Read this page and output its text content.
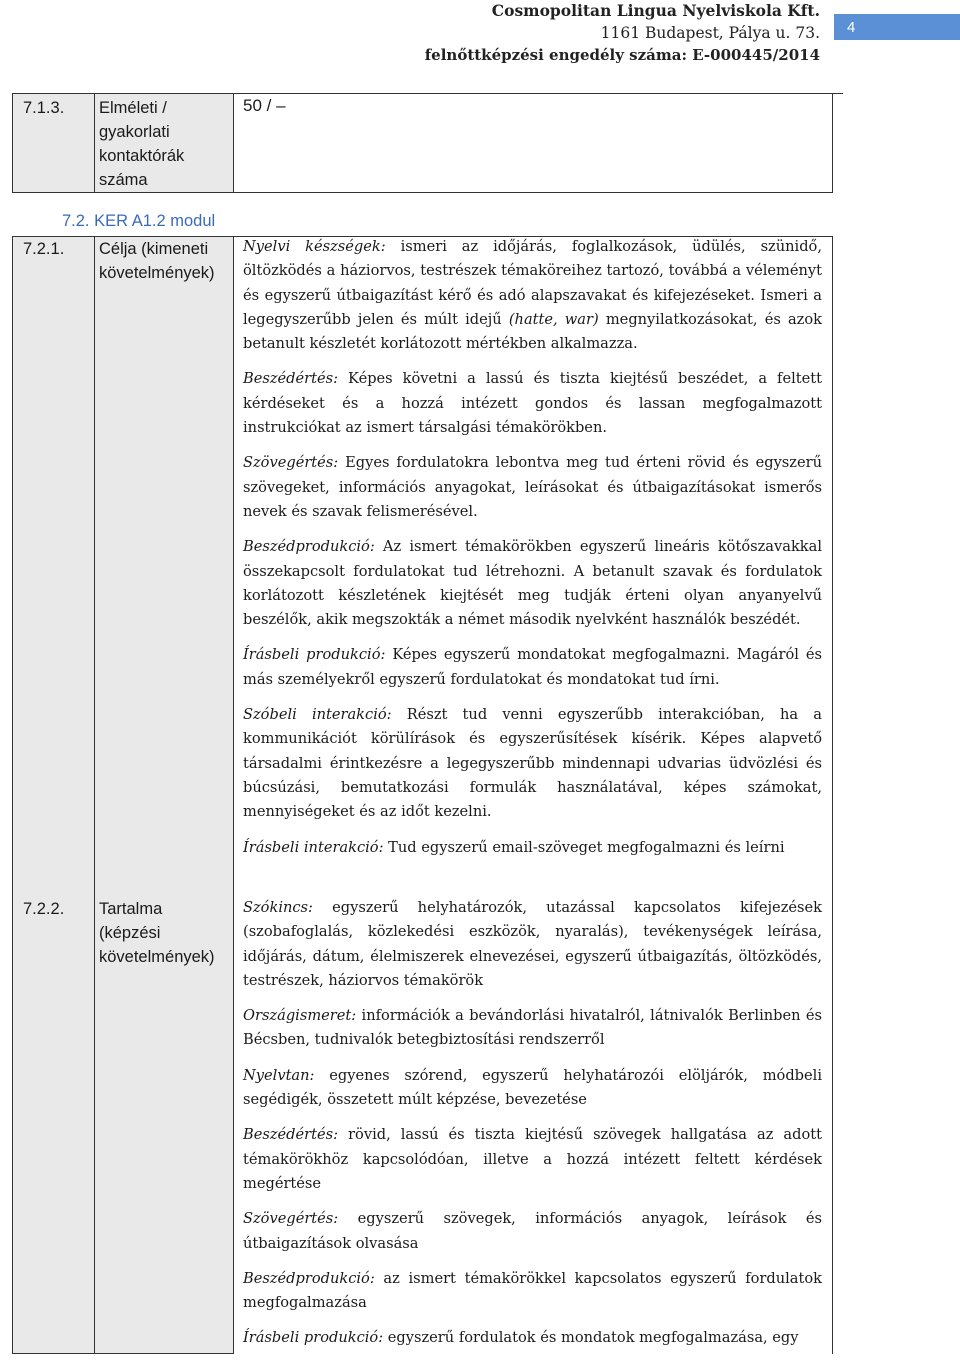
Cosmopolitan Lingua Nyelviskola Kft.
1161 Budapest, Pálya u. 73.
felnőttképzési engedély száma: E-000445/2014
4
7.1.3. Elméleti /
gyakorlati
kontaktórák
száma
50 / –
7.2. KER A1.2 modul
7.2.1. Célja (kimeneti
követelmények)

Nyelvi készségek: ismeri az időjárás, foglalkozások, üdülés, szünidő, öltözködés a háziorvos, testrészek témaköreihez tartozó, továbbá a véleményt és egyszerű útbaigazítást kérő és adó alapszavakat és kifejezéseket. Ismeri a legegyszerűbb jelen és múlt idejű (hatte, war) megnyilatkozásokat, és azok betanult készletét korlátozott mértékben alkalmazza.

Beszédértés: Képes követni a lassú és tiszta kiejtésű beszédet, a feltett kérdéseket és a hozzá intézett gondos és lassan megfogalmazott instrukciókat az ismert társalgási témakörökben.

Szövegértés: Egyes fordulatokra lebontva meg tud érteni rövid és egyszerű szövegeket, információs anyagokat, leírásokat és útbaigazításokat ismerős nevek és szavak felismerésével.

Beszédprodukció: Az ismert témakörökben egyszerű lineáris kötőszavakkal összekapcsolt fordulatokat tud létrehozni. A betanult szavak és fordulatok korlátozott készletének kiejtését meg tudják érteni olyan anyanyelvű beszélők, akik megszokták a német második nyelvként használók beszédét.

Írásbeli produkció: Képes egyszerű mondatokat megfogalmazni. Magáról és más személyekről egyszerű fordulatokat és mondatokat tud írni.

Szóbeli interakció: Részt tud venni egyszerűbb interakcióban, ha a kommunikációt körülírások és egyszerűsítések kísérik. Képes alapvető társadalmi érintkezésre a legegyszerűbb mindennapi udvarias üdvözlési és búcsúzási, bemutatkozási formulák használatával, képes számokat, mennyiségeket és az időt kezelni.

Írásbeli interakció: Tud egyszerű email-szöveget megfogalmazni és leírni

7.2.2. Tartalma
(képzési
követelmények)

Szókincs: egyszerű helyhatározók, utazással kapcsolatos kifejezések (szobafoglalás, közlekedési eszközök, nyaralás), tevékenységek leírása, időjárás, dátum, élelmiszerek elnevezései, egyszerű útbaigazítás, öltözködés, testrészek, háziorvos témakörök

Országismeret: információk a bevándorlási hivatalról, látnivalók Berlinben és Bécsben, tudnivalók betegbiztosítási rendszerről

Nyelvtan: egyenes szórend, egyszerű helyhatározói elöljárók, módbeli segédigék, összetett múlt képzése, bevezetése

Beszédértés: rövid, lassú és tiszta kiejtésű szövegek hallgatása az adott témakörökhöz kapcsolódóan, illetve a hozzá intézett feltett kérdések megértése

Szövegértés: egyszerű szövegek, információs anyagok, leírások és útbaigazítások olvasása

Beszédprodukció: az ismert témakörökkel kapcsolatos egyszerű fordulatok megfogalmazása

Írásbeli produkció: egyszerű fordulatok és mondatok megfogalmazása, egy
